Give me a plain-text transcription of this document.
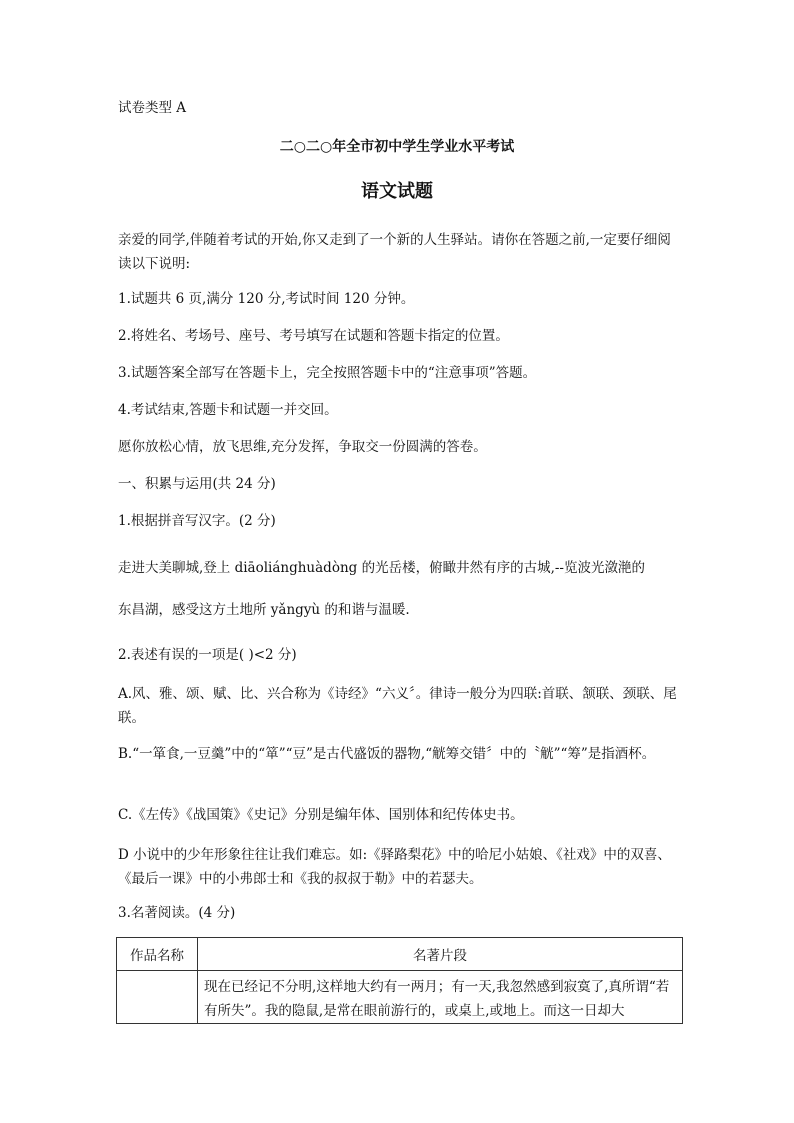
试卷类型 A
二○二○年全市初中学生学业水平考试
语文试题
亲爱的同学,伴随着考试的开始,你又走到了一个新的人生驿站。请你在答题之前,一定要仔细阅读以下说明:
1.试题共 6 页,满分 120 分,考试时间 120 分钟。
2.将姓名、考场号、座号、考号填写在试题和答题卡指定的位置。
3.试题答案全部写在答题卡上，完全按照答题卡中的“注意事项”答题。
4.考试结束,答题卡和试题一并交回。
愿你放松心情，放飞思维,充分发挥，争取交一份圆满的答卷。
一、积累与运用(共 24 分)
1.根据拼音写汉字。(2 分)
走进大美聊城,登上 diāoliánghuàdòng 的光岳楼，俯瞰井然有序的古城,--览波光潋滟的
东昌湖，感受这方土地所 yǎngyù 的和谐与温暖.
2.表述有误的一项是( )<2 分)
A.风、雅、颂、赋、比、兴合称为《诗经》“六义〞。律诗一般分为四联:首联、颔联、颈联、尾联。
B.“一箪食,一豆羹”中的“箪”“豆”是古代盛饭的器物,“觥筹交错〞中的〝觥”“筹”是指酒杯。
C.《左传》《战国策》《史记》分别是编年体、国别体和纪传体史书。
D 小说中的少年形象往往让我们难忘。如:《驿路梨花》中的哈尼小姑娘、《社戏》中的双喜、《最后一课》中的小弗郎士和《我的叔叔于勒》中的若瑟夫。
3.名著阅读。(4 分)
作品名称	名著片段

	现在已经记不分明,这样地大约有一两月；有一天,我忽然感到寂寞了,真所谓“若有所失”。我的隐鼠,是常在眼前游行的，或桌上,或地上。而这一日却大
